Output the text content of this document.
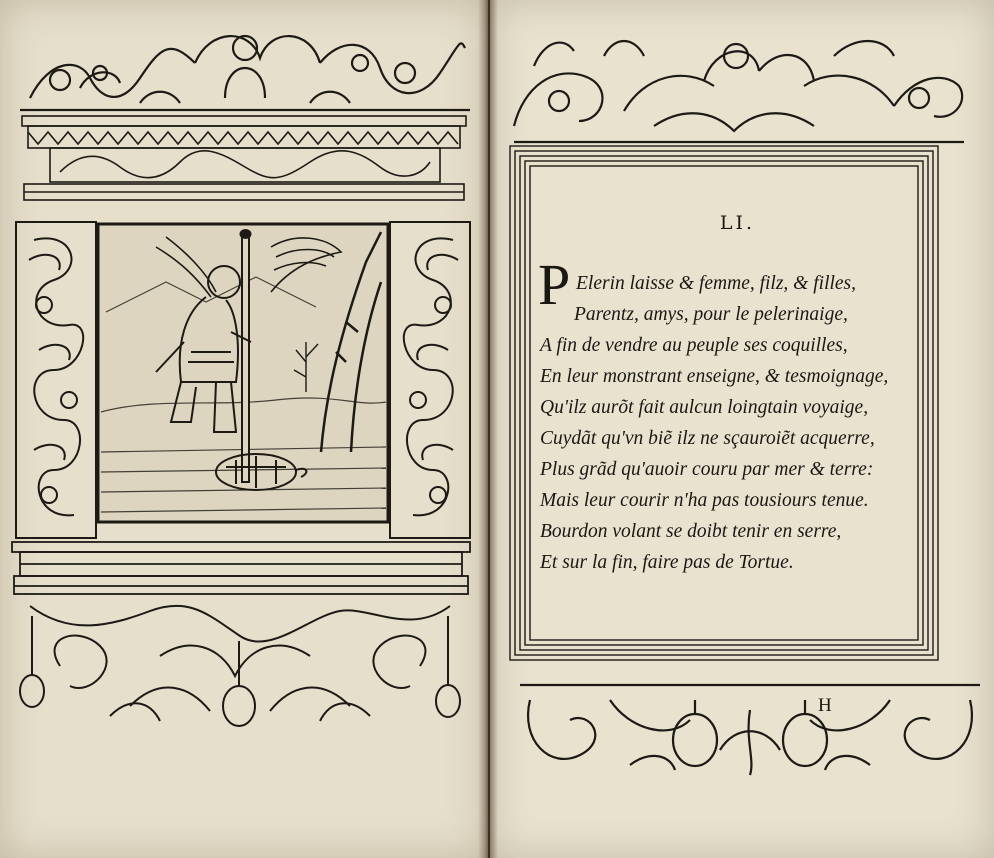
LI.
P Elerin laisse & femme, filz, & filles,
Parentz, amys, pour le pelerinaige,
A fin de vendre au peuple ses coquilles,
En leur monstrant enseigne, & tesmoignage,
Qu'ilz aurõt fait aulcun loingtain voyaige,
Cuydãt qu'vn biẽ ilz ne sçauroiẽt acquerre,
Plus grãd qu'auoir couru par mer & terre:
Mais leur courir n'ha pas tousiours tenue.
Bourdon volant se doibt tenir en serre,
Et sur la fin, faire pas de Tortue.
H
